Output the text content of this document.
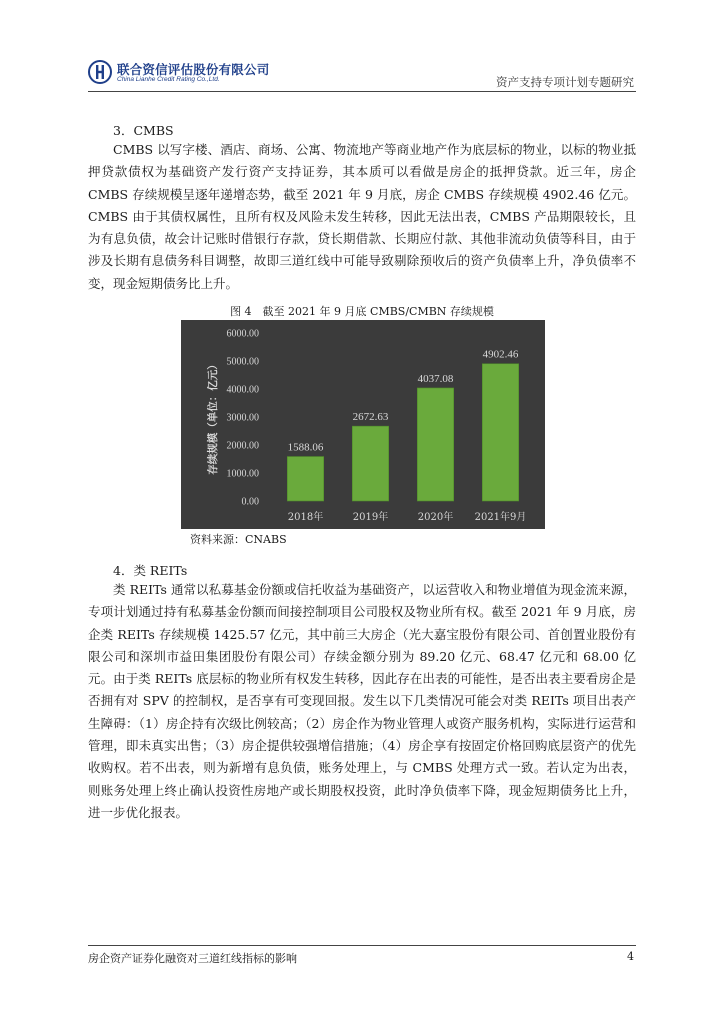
联合资信评估股份有限公司
China Lianhe Credit Rating Co.,Ltd.	资产支持专项计划专题研究
3．CMBS

CMBS 以写字楼、酒店、商场、公寓、物流地产等商业地产作为底层标的物业，以标的物业抵押贷款债权为基础资产发行资产支持证券，其本质可以看做是房企的抵押贷款。近三年，房企 CMBS 存续规模呈逐年递增态势，截至 2021 年 9 月底，房企 CMBS 存续规模 4902.46 亿元。CMBS 由于其债权属性，且所有权及风险未发生转移，因此无法出表，CMBS 产品期限较长，且为有息负债，故会计记账时借银行存款，贷长期借款、长期应付款、其他非流动负债等科目，由于涉及长期有息债务科目调整，故即三道红线中可能导致剔除预收后的资产负债率上升，净负债率不变，现金短期债务比上升。

图 4　截至 2021 年 9 月底 CMBS/CMBN 存续规模
存续规模（单位：亿元）
0.00
1000.00
2000.00
3000.00
4000.00
5000.00
6000.00
1588.06
2672.63
4037.08
4902.46
2018年	2019年	2020年 2021年9月
资料来源：CNABS
4．类 REITs

类 REITs 通常以私募基金份额或信托收益为基础资产，以运营收入和物业增值为现金流来源，专项计划通过持有私募基金份额而间接控制项目公司股权及物业所有权。截至 2021 年 9 月底，房企类 REITs 存续规模 1425.57 亿元，其中前三大房企（光大嘉宝股份有限公司、首创置业股份有限公司和深圳市益田集团股份有限公司）存续金额分别为 89.20 亿元、68.47 亿元和 68.00 亿元。由于类 REITs 底层标的物业所有权发生转移，因此存在出表的可能性，是否出表主要看房企是否拥有对 SPV 的控制权，是否享有可变现回报。发生以下几类情况可能会对类 REITs 项目出表产生障碍：（1）房企持有次级比例较高；（2）房企作为物业管理人或资产服务机构，实际进行运营和管理，即未真实出售；（3）房企提供较强增信措施；（4）房企享有按固定价格回购底层资产的优先收购权。若不出表，则为新增有息负债，账务处理上，与 CMBS 处理方式一致。若认定为出表，则账务处理上终止确认投资性房地产或长期股权投资，此时净负债率下降，现金短期债务比上升，进一步优化报表。

房企资产证券化融资对三道红线指标的影响	4
